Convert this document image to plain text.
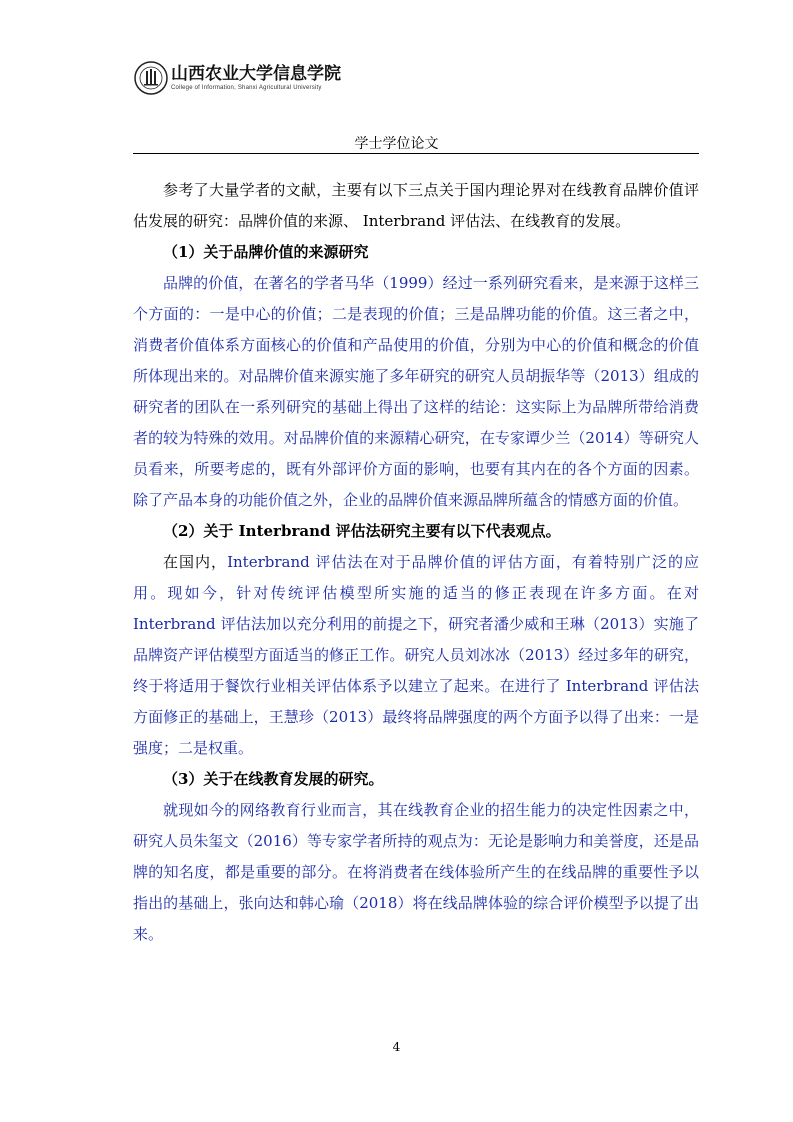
山西农业大学信息学院
College of Information, Shanxi Agricultural University
学士学位论文

参考了大量学者的文献，主要有以下三点关于国内理论界对在线教育品牌价值评估发展的研究：品牌价值的来源、 Interbrand 评估法、在线教育的发展。

（1）关于品牌价值的来源研究

品牌的价值，在著名的学者马华（1999）经过一系列研究看来，是来源于这样三个方面的：一是中心的价值；二是表现的价值；三是品牌功能的价值。这三者之中，消费者价值体系方面核心的价值和产品使用的价值，分别为中心的价值和概念的价值所体现出来的。对品牌价值来源实施了多年研究的研究人员胡振华等（2013）组成的研究者的团队在一系列研究的基础上得出了这样的结论：这实际上为品牌所带给消费者的较为特殊的效用。对品牌价值的来源精心研究，在专家谭少兰（2014）等研究人员看来，所要考虑的，既有外部评价方面的影响，也要有其内在的各个方面的因素。除了产品本身的功能价值之外，企业的品牌价值来源品牌所蕴含的情感方面的价值。

（2）关于 Interbrand 评估法研究主要有以下代表观点。

在国内，Interbrand 评估法在对于品牌价值的评估方面，有着特别广泛的应用。现如今，针对传统评估模型所实施的适当的修正表现在许多方面。在对 Interbrand 评估法加以充分利用的前提之下，研究者潘少威和王琳（2013）实施了品牌资产评估模型方面适当的修正工作。研究人员刘冰冰（2013）经过多年的研究，终于将适用于餐饮行业相关评估体系予以建立了起来。在进行了 Interbrand 评估法方面修正的基础上，王慧珍（2013）最终将品牌强度的两个方面予以得了出来：一是强度；二是权重。

（3）关于在线教育发展的研究。

就现如今的网络教育行业而言，其在线教育企业的招生能力的决定性因素之中，研究人员朱玺文（2016）等专家学者所持的观点为：无论是影响力和美誉度，还是品牌的知名度，都是重要的部分。在将消费者在线体验所产生的在线品牌的重要性予以指出的基础上，张向达和韩心瑜（2018）将在线品牌体验的综合评价模型予以提了出来。

4
